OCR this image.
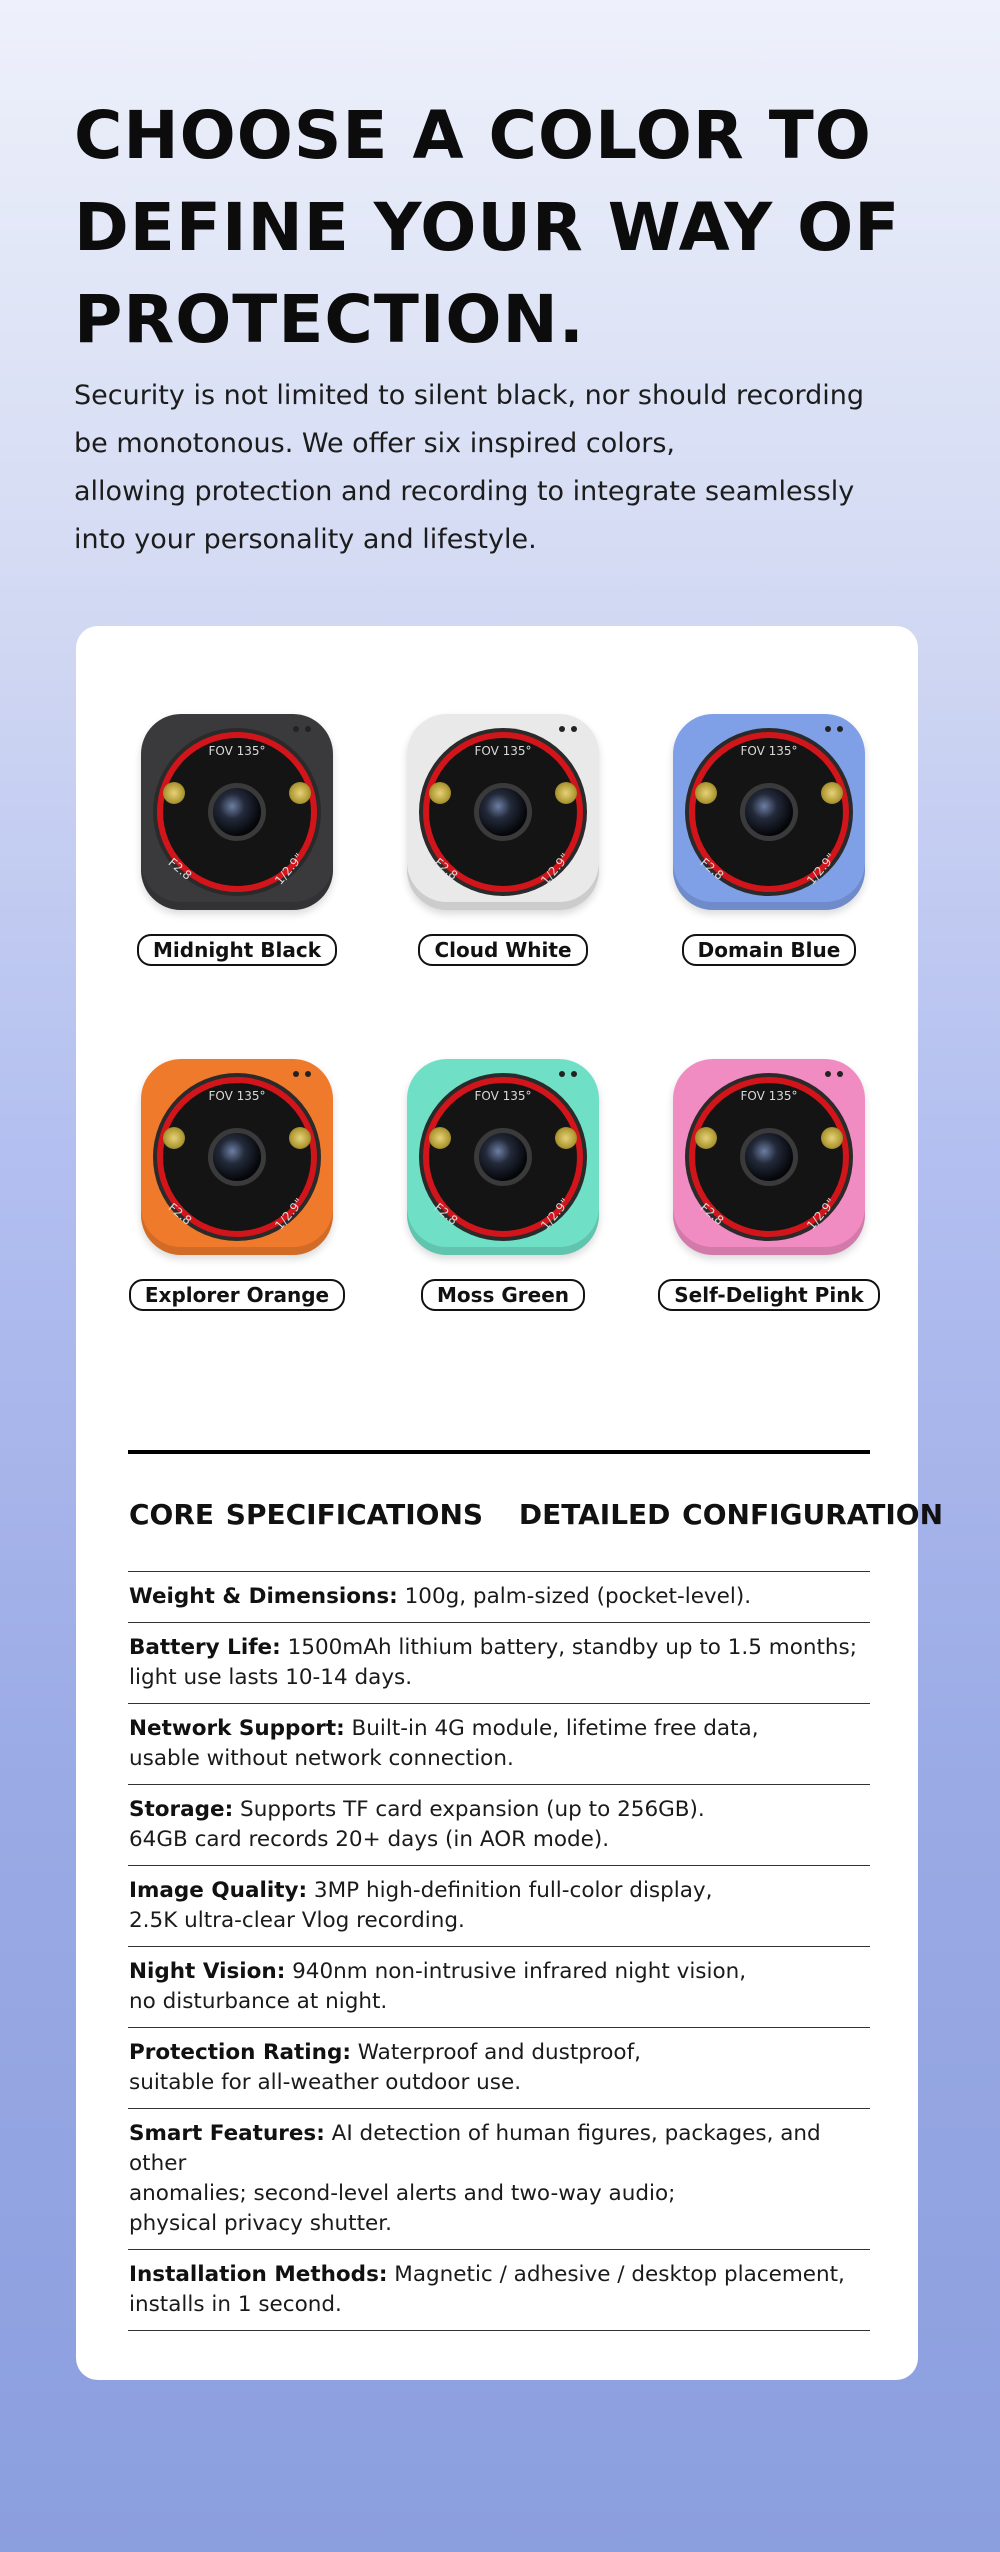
CHOOSE A COLOR TO
DEFINE YOUR WAY OF
PROTECTION.

Security is not limited to silent black, nor should recording
be monotonous. We offer six inspired colors,
allowing protection and recording to integrate seamlessly
into your personality and lifestyle.

FOV 135°
F2.8	1/2.9"
Midnight Black
FOV 135°
F2.8	1/2.9"
Cloud White
FOV 135°
F2.8	1/2.9"
Domain Blue
FOV 135°
F2.8	1/2.9"
Explorer Orange
FOV 135°
F2.8	1/2.9"
Moss Green
FOV 135°
F2.8	1/2.9"
Self-Delight Pink
CORE SPECIFICATIONS DETAILED CONFIGURATION
Weight & Dimensions: 100g, palm-sized (pocket-level).
Battery Life: 1500mAh lithium battery, standby up to 1.5 months;
light use lasts 10-14 days.
Network Support: Built-in 4G module, lifetime free data,
usable without network connection.
Storage: Supports TF card expansion (up to 256GB).
64GB card records 20+ days (in AOR mode).
Image Quality: 3MP high-definition full-color display,
2.5K ultra-clear Vlog recording.
Night Vision: 940nm non-intrusive infrared night vision,
no disturbance at night.
Protection Rating: Waterproof and dustproof,
suitable for all-weather outdoor use.
Smart Features: AI detection of human figures, packages, and other
anomalies; second-level alerts and two-way audio;
physical privacy shutter.
Installation Methods: Magnetic / adhesive / desktop placement,
installs in 1 second.
